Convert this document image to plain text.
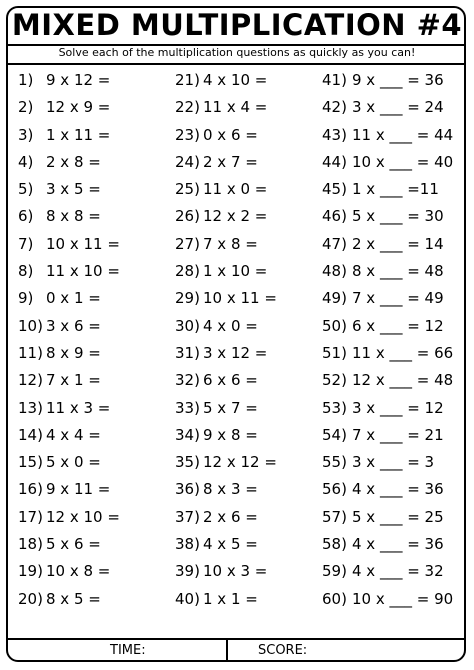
MIXED MULTIPLICATION #4
Solve each of the multiplication questions as quickly as you can!
1) 9 x 12 =
2) 12 x 9 =
3) 1 x 11 =
4) 2 x 8 =
5) 3 x 5 =
6) 8 x 8 =
7) 10 x 11 =
8) 11 x 10 =
9) 0 x 1 =
10) 3 x 6 =
11) 8 x 9 =
12) 7 x 1 =
13) 11 x 3 =
14) 4 x 4 =
15) 5 x 0 =
16) 9 x 11 =
17) 12 x 10 =
18) 5 x 6 =
19) 10 x 8 =
20) 8 x 5 =
21) 4 x 10 =
22) 11 x 4 =
23) 0 x 6 =
24) 2 x 7 =
25) 11 x 0 =
26) 12 x 2 =
27) 7 x 8 =
28) 1 x 10 =
29) 10 x 11 =
30) 4 x 0 =
31) 3 x 12 =
32) 6 x 6 =
33) 5 x 7 =
34) 9 x 8 =
35) 12 x 12 =
36) 8 x 3 =
37) 2 x 6 =
38) 4 x 5 =
39) 10 x 3 =
40) 1 x 1 =
41) 9 x ___ = 36
42) 3 x ___ = 24
43) 11 x ___ = 44
44) 10 x ___ = 40
45) 1 x ___ =11
46) 5 x ___ = 30
47) 2 x ___ = 14
48) 8 x ___ = 48
49) 7 x ___ = 49
50) 6 x ___ = 12
51) 11 x ___ = 66
52) 12 x ___ = 48
53) 3 x ___ = 12
54) 7 x ___ = 21
55) 3 x ___ = 3
56) 4 x ___ = 36
57) 5 x ___ = 25
58) 4 x ___ = 36
59) 4 x ___ = 32
60) 10 x ___ = 90
TIME:	SCORE:
